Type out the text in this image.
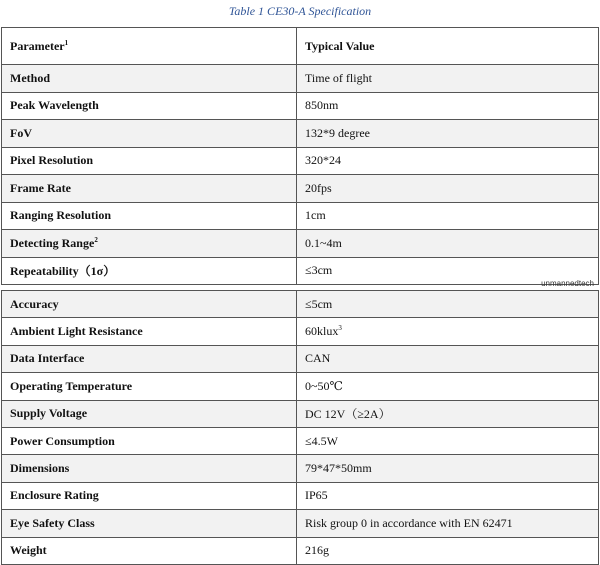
Table 1 CE30-A Specification
Parameter$^1$	Typical Value
Method	Time of flight
Peak Wavelength	850nm
FoV	132*9 degree
Pixel Resolution	320*24
Frame Rate	20fps
Ranging Resolution	1cm
Detecting Range$^2$	0.1~4m
Repeatability（1σ）	≤3cm
unmannedtech
Accuracy	≤5cm
Ambient Light Resistance	60klux$^3$
Data Interface	CAN
Operating Temperature	0~50℃
Supply Voltage	DC 12V（≥2A）
Power Consumption	≤4.5W
Dimensions	79*47*50mm
Enclosure Rating	IP65
Eye Safety Class	Risk group 0 in accordance with EN 62471
Weight	216g
